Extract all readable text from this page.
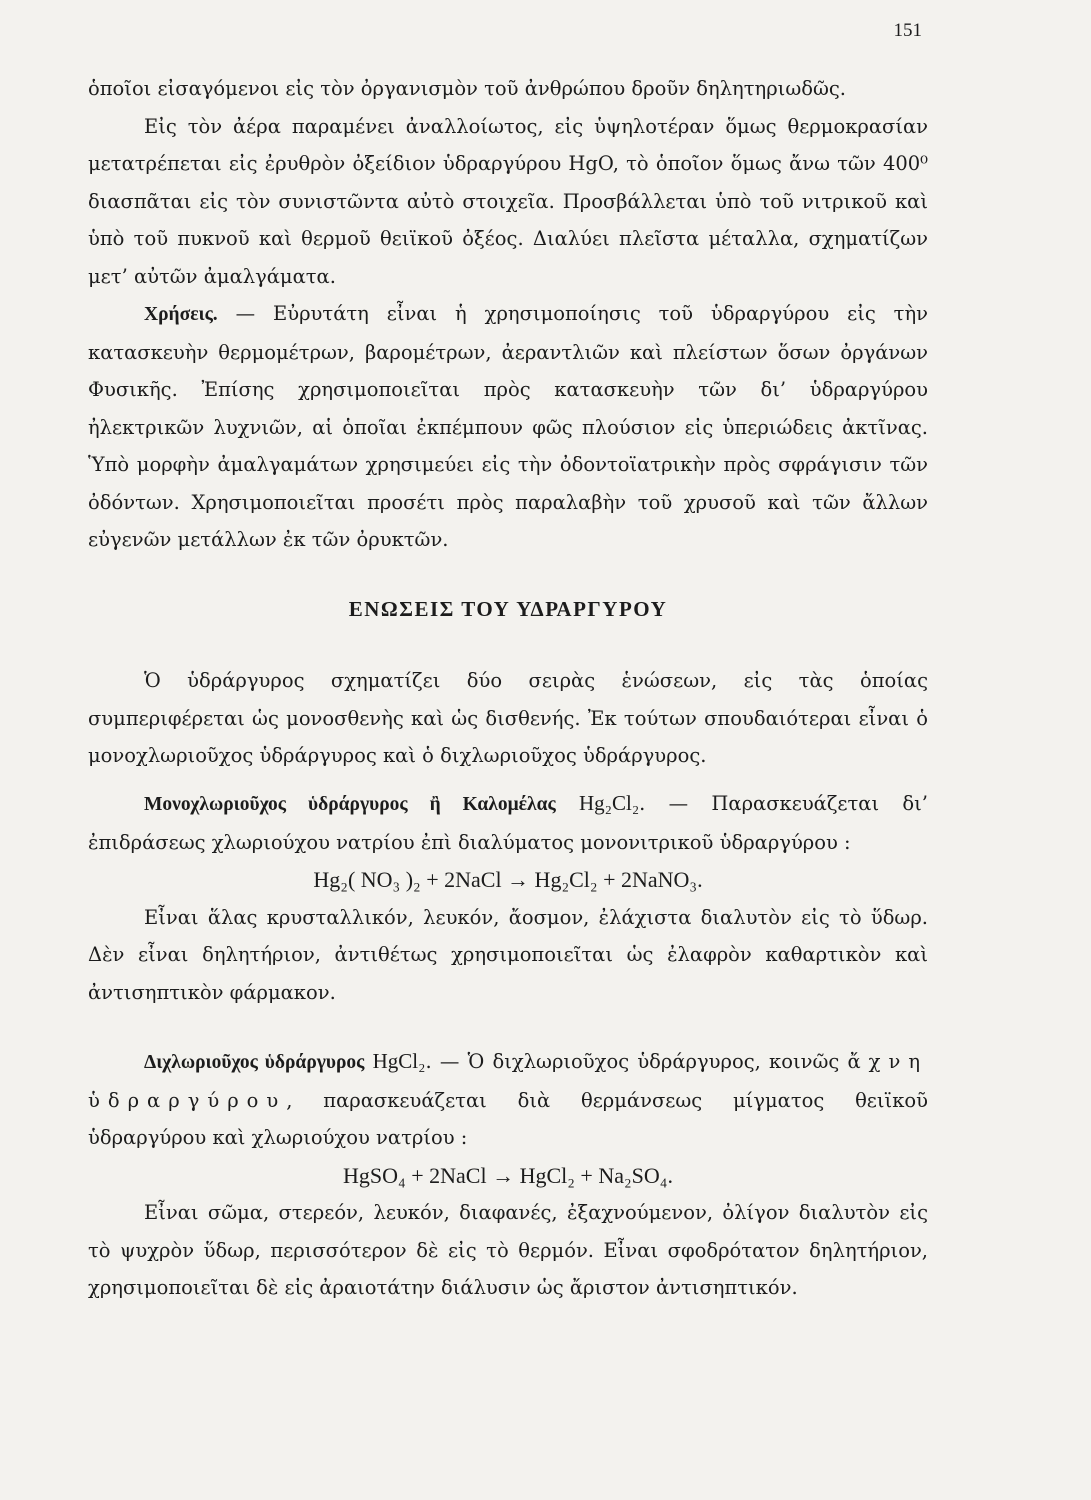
151

ὁποῖοι εἰσαγόμενοι εἰς τὸν ὀργανισμὸν τοῦ ἀνθρώπου δροῦν δηλητηριωδῶς.

Εἰς τὸν ἀέρα παραμένει ἀναλλοίωτος, εἰς ὑψηλοτέραν ὅμως θερμοκρασίαν μετατρέπεται εἰς ἐρυθρὸν ὀξείδιον ὑδραργύρου HgO, τὸ ὁποῖον ὅμως ἄνω τῶν 400⁰ διασπᾶται εἰς τὸν συνιστῶντα αὐτὸ στοιχεῖα. Προσβάλλεται ὑπὸ τοῦ νιτρικοῦ καὶ ὑπὸ τοῦ πυκνοῦ καὶ θερμοῦ θειϊκοῦ ὀξέος. Διαλύει πλεῖστα μέταλλα, σχηματίζων μετ’ αὐτῶν ἀμαλγάματα.

Χρήσεις. — Εὐρυτάτη εἶναι ἡ χρησιμοποίησις τοῦ ὑδραργύρου εἰς τὴν κατασκευὴν θερμομέτρων, βαρομέτρων, ἀεραντλιῶν καὶ πλείστων ὅσων ὀργάνων Φυσικῆς. Ἐπίσης χρησιμοποιεῖται πρὸς κατασκευὴν τῶν δι’ ὑδραργύρου ἠλεκτρικῶν λυχνιῶν, αἱ ὁποῖαι ἐκπέμπουν φῶς πλούσιον εἰς ὑπεριώδεις ἀκτῖνας. Ὑπὸ μορφὴν ἀμαλγαμάτων χρησιμεύει εἰς τὴν ὀδοντοϊατρικὴν πρὸς σφράγισιν τῶν ὀδόντων. Χρησιμοποιεῖται προσέτι πρὸς παραλαβὴν τοῦ χρυσοῦ καὶ τῶν ἄλλων εὐγενῶν μετάλλων ἐκ τῶν ὀρυκτῶν.

ΕΝΩΣΕΙΣ ΤΟΥ ΥΔΡΑΡΓΥΡΟΥ

Ὁ ὑδράργυρος σχηματίζει δύο σειρὰς ἑνώσεων, εἰς τὰς ὁποίας συμπεριφέρεται ὡς μονοσθενὴς καὶ ὡς δισθενής. Ἐκ τούτων σπουδαιότεραι εἶναι ὁ μονοχλωριοῦχος ὑδράργυρος καὶ ὁ διχλωριοῦχος ὑδράργυρος.

Μονοχλωριοῦχος ὑδράργυρος ἢ Καλομέλας Hg₂Cl₂. — Παρασκευάζεται δι’ ἐπιδράσεως χλωριούχου νατρίου ἐπὶ διαλύματος μονονιτρικοῦ ὑδραργύρου :

Hg₂( NO₃ )₂ + 2NaCl → Hg₂Cl₂ + 2NaNO₃.

Εἶναι ἅλας κρυσταλλικόν, λευκόν, ἄοσμον, ἐλάχιστα διαλυτὸν εἰς τὸ ὕδωρ. Δὲν εἶναι δηλητήριον, ἀντιθέτως χρησιμοποιεῖται ὡς ἐλαφρὸν καθαρτικὸν καὶ ἀντισηπτικὸν φάρμακον.

Διχλωριοῦχος ὑδράργυρος HgCl₂. — Ὁ διχλωριοῦχος ὑδράργυρος, κοινῶς ἄχνη ὑδραργύρου, παρασκευάζεται διὰ θερμάνσεως μίγματος θειϊκοῦ ὑδραργύρου καὶ χλωριούχου νατρίου :

HgSO₄ + 2NaCl → HgCl₂ + Na₂SO₄.

Εἶναι σῶμα, στερεόν, λευκόν, διαφανές, ἐξαχνούμενον, ὀλίγον διαλυτὸν εἰς τὸ ψυχρὸν ὕδωρ, περισσότερον δὲ εἰς τὸ θερμόν. Εἶναι σφοδρότατον δηλητήριον, χρησιμοποιεῖται δὲ εἰς ἀραιοτάτην διάλυσιν ὡς ἄριστον ἀντισηπτικόν.
